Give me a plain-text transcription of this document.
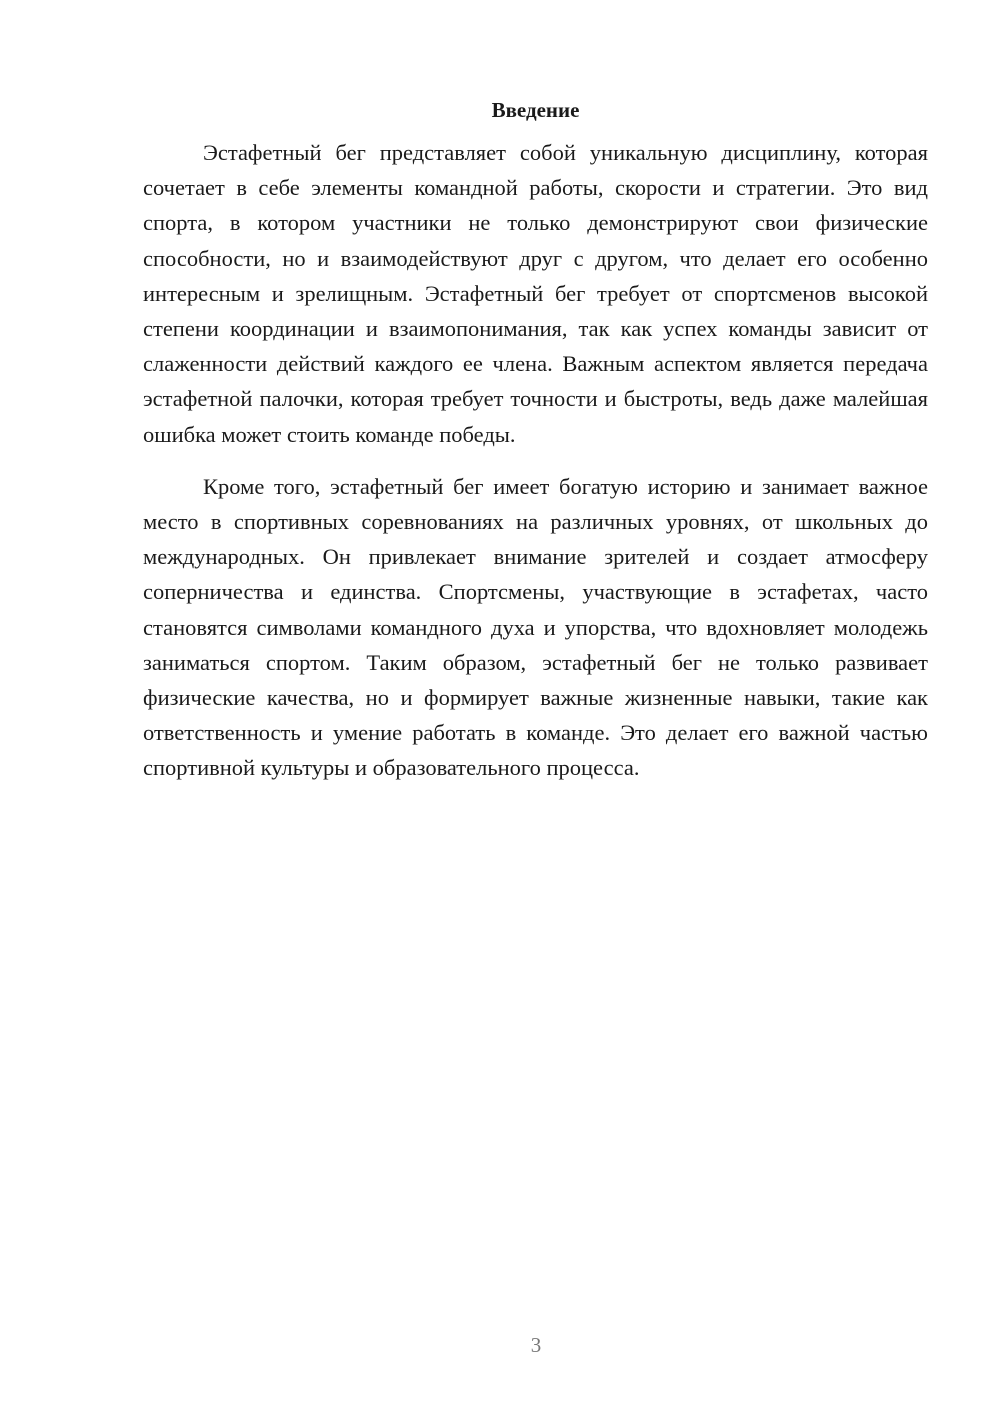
Введение

Эстафетный бег представляет собой уникальную дисциплину, которая сочетает в себе элементы командной работы, скорости и стратегии. Это вид спорта, в котором участники не только демонстрируют свои физические способности, но и взаимодействуют друг с другом, что делает его особенно интересным и зрелищным. Эстафетный бег требует от спортсменов высокой степени координации и взаимопонимания, так как успех команды зависит от слаженности действий каждого ее члена. Важным аспектом является передача эстафетной палочки, которая требует точности и быстроты, ведь даже малейшая ошибка может стоить команде победы.

Кроме того, эстафетный бег имеет богатую историю и занимает важное место в спортивных соревнованиях на различных уровнях, от школьных до международных. Он привлекает внимание зрителей и создает атмосферу соперничества и единства. Спортсмены, участвующие в эстафетах, часто становятся символами командного духа и упорства, что вдохновляет молодежь заниматься спортом. Таким образом, эстафетный бег не только развивает физические качества, но и формирует важные жизненные навыки, такие как ответственность и умение работать в команде. Это делает его важной частью спортивной культуры и образовательного процесса.

3
